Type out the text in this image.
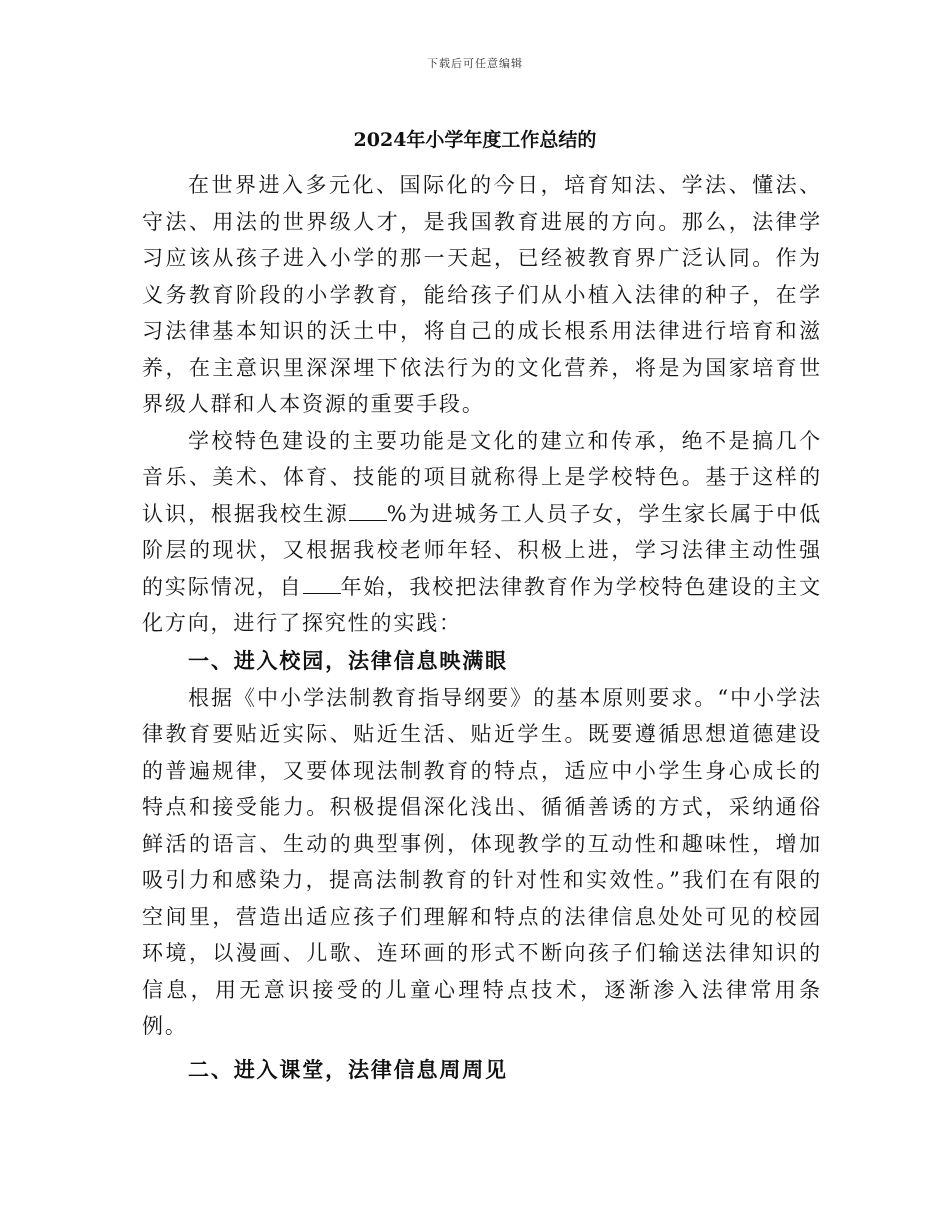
下载后可任意编辑
2024年小学年度工作总结的

在世界进入多元化、国际化的今日，培育知法、学法、懂法、守法、用法的世界级人才，是我国教育进展的方向。那么，法律学习应该从孩子进入小学的那一天起，已经被教育界广泛认同。作为义务教育阶段的小学教育，能给孩子们从小植入法律的种子，在学习法律基本知识的沃土中，将自己的成长根系用法律进行培育和滋养，在主意识里深深埋下依法行为的文化营养，将是为国家培育世界级人群和人本资源的重要手段。

学校特色建设的主要功能是文化的建立和传承，绝不是搞几个音乐、美术、体育、技能的项目就称得上是学校特色。基于这样的认识，根据我校生源 %为进城务工人员子女，学生家长属于中低阶层的现状，又根据我校老师年轻、积极上进，学习法律主动性强的实际情况，自 年始，我校把法律教育作为学校特色建设的主文化方向，进行了探究性的实践：

一、进入校园，法律信息映满眼

根据《中小学法制教育指导纲要》的基本原则要求。“中小学法律教育要贴近实际、贴近生活、贴近学生。既要遵循思想道德建设的普遍规律，又要体现法制教育的特点，适应中小学生身心成长的特点和接受能力。积极提倡深化浅出、循循善诱的方式，采纳通俗鲜活的语言、生动的典型事例，体现教学的互动性和趣味性，增加吸引力和感染力，提高法制教育的针对性和实效性。”我们在有限的空间里，营造出适应孩子们理解和特点的法律信息处处可见的校园环境，以漫画、儿歌、连环画的形式不断向孩子们输送法律知识的信息，用无意识接受的儿童心理特点技术，逐渐渗入法律常用条例。

二、进入课堂，法律信息周周见
